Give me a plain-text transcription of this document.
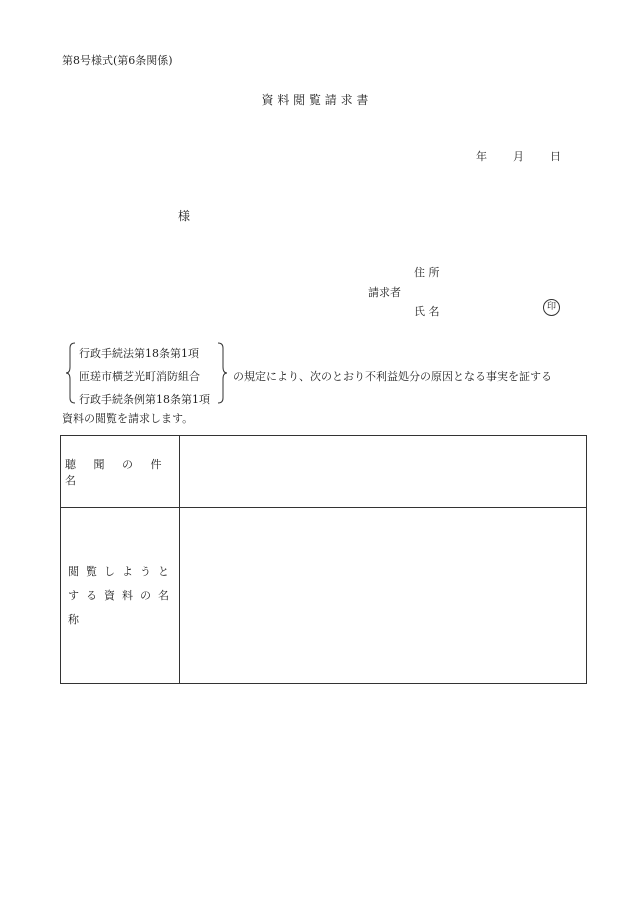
第8号様式(第6条関係)
資 料 閲 覧 請 求 書
年 月 日
様
住 所
請求者
氏 名	印
行政手続法第18条第1項
匝瑳市横芝光町消防組合
行政手続条例第18条第1項
の規定により、次のとおり不利益処分の原因となる事実を証する
資料の閲覧を請求します。
聴 聞 の 件 名
閲覧しようと
する資料の名称
